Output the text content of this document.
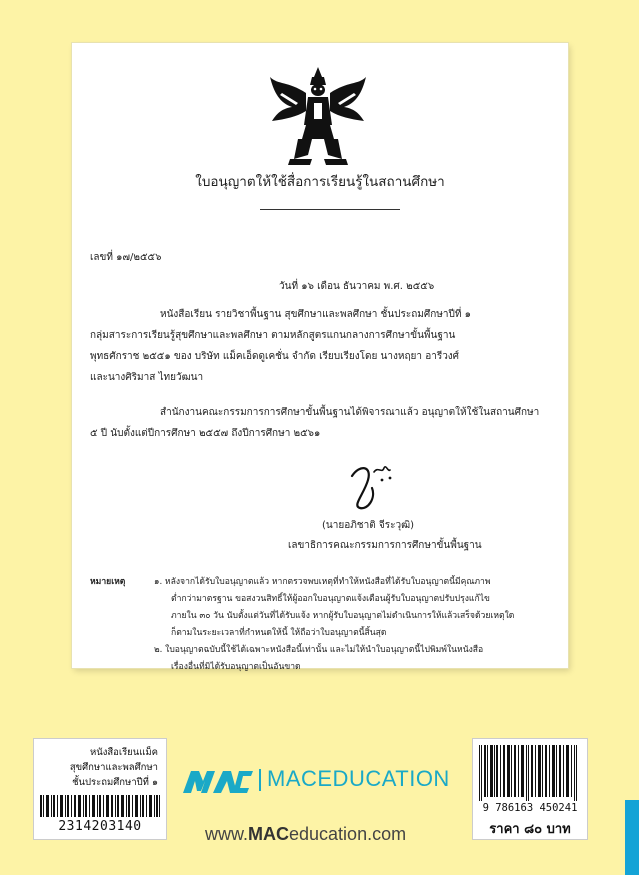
ใบอนุญาตให้ใช้สื่อการเรียนรู้ในสถานศึกษา
เลขที่ ๑๗/๒๕๕๖
วันที่ ๑๖ เดือน ธันวาคม พ.ศ. ๒๕๕๖
หนังสือเรียน รายวิชาพื้นฐาน สุขศึกษาและพลศึกษา ชั้นประถมศึกษาปีที่ ๑
กลุ่มสาระการเรียนรู้สุขศึกษาและพลศึกษา ตามหลักสูตรแกนกลางการศึกษาขั้นพื้นฐาน
พุทธศักราช ๒๕๕๑ ของ บริษัท แม็คเอ็ดดูเคชั่น จำกัด เรียบเรียงโดย นางหฤยา อารีวงศ์
และนางศิริมาส ไทยวัฒนา
สำนักงานคณะกรรมการการศึกษาขั้นพื้นฐานได้พิจารณาแล้ว อนุญาตให้ใช้ในสถานศึกษา
๕ ปี นับตั้งแต่ปีการศึกษา ๒๕๕๗ ถึงปีการศึกษา ๒๕๖๑
(นายอภิชาติ จีระวุฒิ)
เลขาธิการคณะกรรมการการศึกษาขั้นพื้นฐาน
หมายเหตุ	๑. หลังจากได้รับใบอนุญาตแล้ว หากตรวจพบเหตุที่ทำให้หนังสือที่ได้รับใบอนุญาตนี้มีคุณภาพ
ต่ำกว่ามาตรฐาน ขอสงวนสิทธิ์ให้ผู้ออกใบอนุญาตแจ้งเตือนผู้รับใบอนุญาตปรับปรุงแก้ไข
ภายใน ๓๐ วัน นับตั้งแต่วันที่ได้รับแจ้ง หากผู้รับใบอนุญาตไม่ดำเนินการให้แล้วเสร็จด้วยเหตุใด
ก็ตามในระยะเวลาที่กำหนดให้นี้ ให้ถือว่าใบอนุญาตนี้สิ้นสุด
๒. ใบอนุญาตฉบับนี้ใช้ได้เฉพาะหนังสือนี้เท่านั้น และไม่ให้นำใบอนุญาตนี้ไปพิมพ์ในหนังสือ
เรื่องอื่นที่มิได้รับอนุญาตเป็นอันขาด
หนังสือเรียนแม็ค
สุขศึกษาและพลศึกษา
ชั้นประถมศึกษาปีที่ ๑
2314203140
MACEDUCATION
www.MACeducation.com
9 786163 450241
ราคา ๘๐ บาท
